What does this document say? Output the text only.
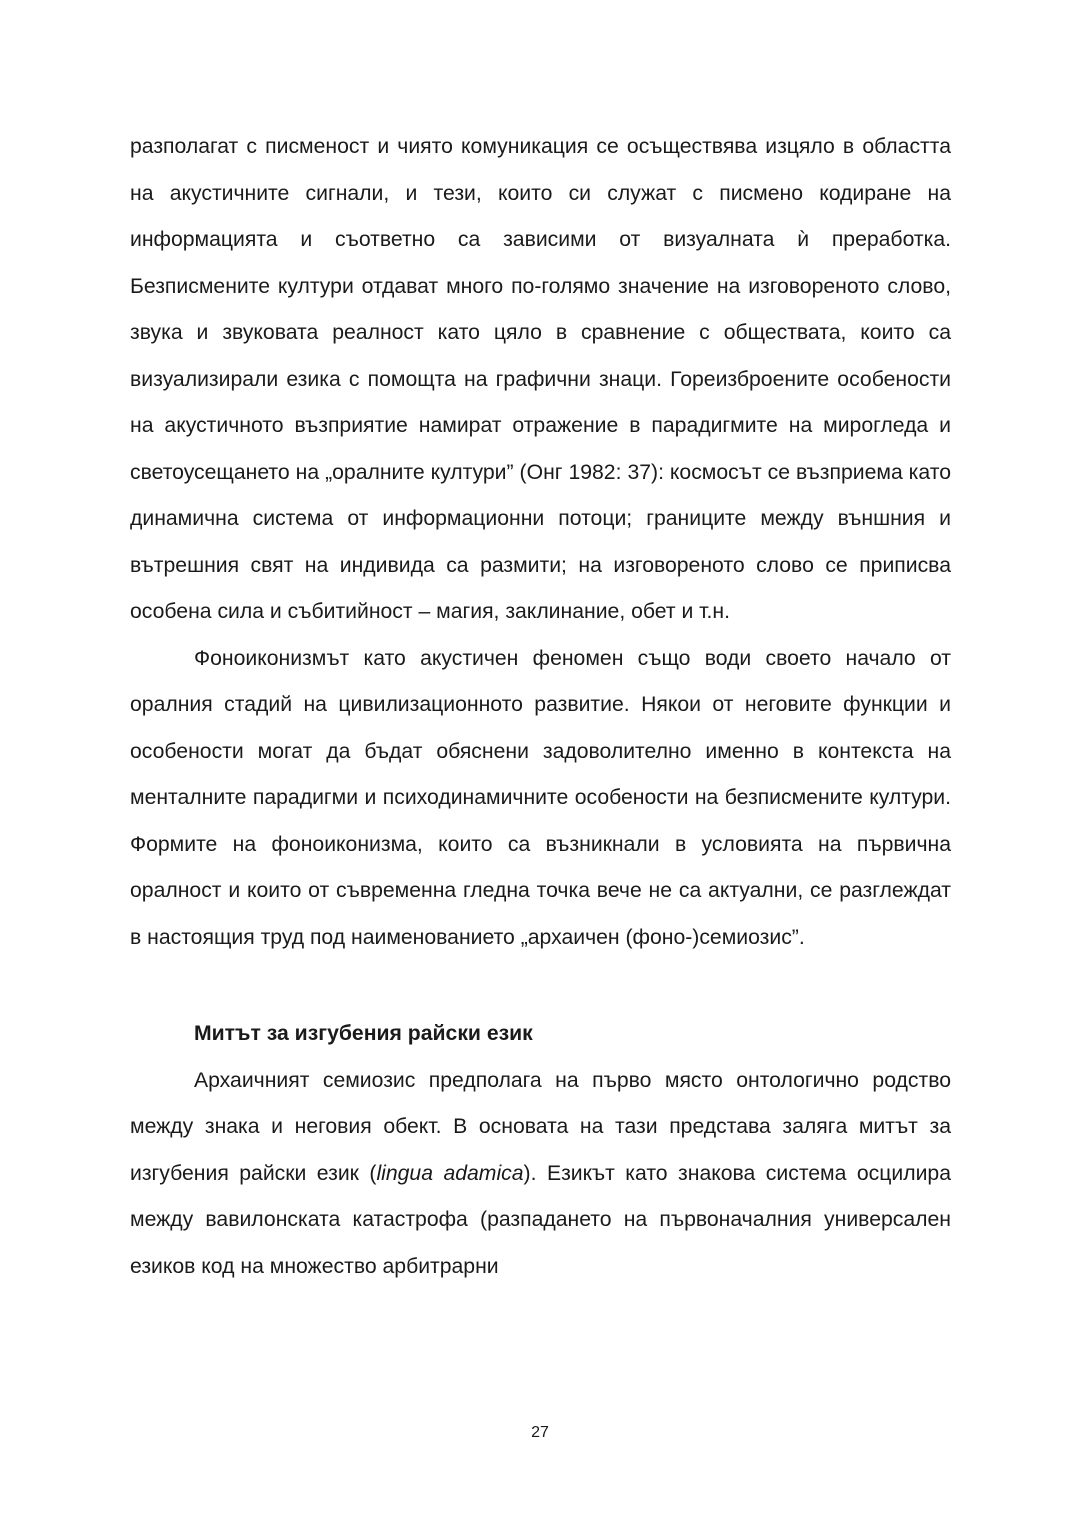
разполагат с писменост и чиято комуникация се осъществява изцяло в областта на акустичните сигнали, и тези, които си служат с писмено кодиране на информацията и съответно са зависими от визуалната ѝ преработка. Безписмените култури отдават много по-голямо значение на изговореното слово, звука и звуковата реалност като цяло в сравнение с обществата, които са визуализирали езика с помощта на графични знаци. Гореизброените особености на акустичното възприятие намират отражение в парадигмите на мирогледа и светоусещането на „оралните култури” (Онг 1982: 37): космосът се възприема като динамична система от информационни потоци; границите между външния и вътрешния свят на индивида са размити; на изговореното слово се приписва особена сила и събитийност – магия, заклинание, обет и т.н.

Фоноиконизмът като акустичен феномен също води своето начало от оралния стадий на цивилизационното развитие. Някои от неговите функции и особености могат да бъдат обяснени задоволително именно в контекста на менталните парадигми и психодинамичните особености на безписмените култури. Формите на фоноиконизма, които са възникнали в условията на първична оралност и които от съвременна гледна точка вече не са актуални, се разглеждат в настоящия труд под наименованието „архаичен (фоно-)семиозис”.

Митът за изгубения райски език

Архаичният семиозис предполага на първо място онтологично родство между знака и неговия обект. В основата на тази представа залягa митът за изгубения райски език (lingua adamica). Езикът като знакова система осцилира между вавилонската катастрофа (разпадането на първоначалния универсален езиков код на множество арбитрарни

27
